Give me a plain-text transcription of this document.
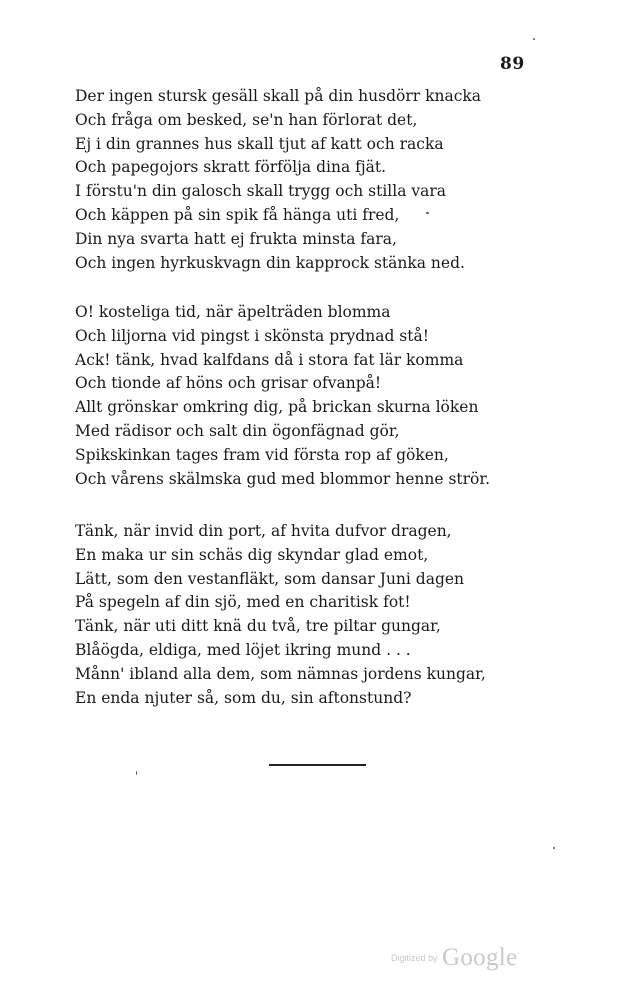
89
Der ingen stursk gesäll skall på din husdörr knacka
Och fråga om besked, se'n han förlorat det,
Ej i din grannes hus skall tjut af katt och racka
Och papegojors skratt förfölja dina fjät.
I förstu'n din galosch skall trygg och stilla vara
Och käppen på sin spik få hänga uti fred,
Din nya svarta hatt ej frukta minsta fara,
Och ingen hyrkuskvagn din kapprock stänka ned.
O! kosteliga tid, när äpelträden blomma
Och liljorna vid pingst i skönsta prydnad stå!
Ack! tänk, hvad kalfdans då i stora fat lär komma
Och tionde af höns och grisar ofvanpå!
Allt grönskar omkring dig, på brickan skurna löken
Med rädisor och salt din ögonfägnad gör,
Spikskinkan tages fram vid första rop af göken,
Och vårens skälmska gud med blommor henne strör.
Tänk, när invid din port, af hvita dufvor dragen,
En maka ur sin schäs dig skyndar glad emot,
Lätt, som den vestanfläkt, som dansar Juni dagen
På spegeln af din sjö, med en charitisk fot!
Tänk, när uti ditt knä du två, tre piltar gungar,
Blåögda, eldiga, med löjet ikring mund . . .
Månn' ibland alla dem, som nämnas jordens kungar,
En enda njuter så, som du, sin aftonstund?
Digitized by Google
